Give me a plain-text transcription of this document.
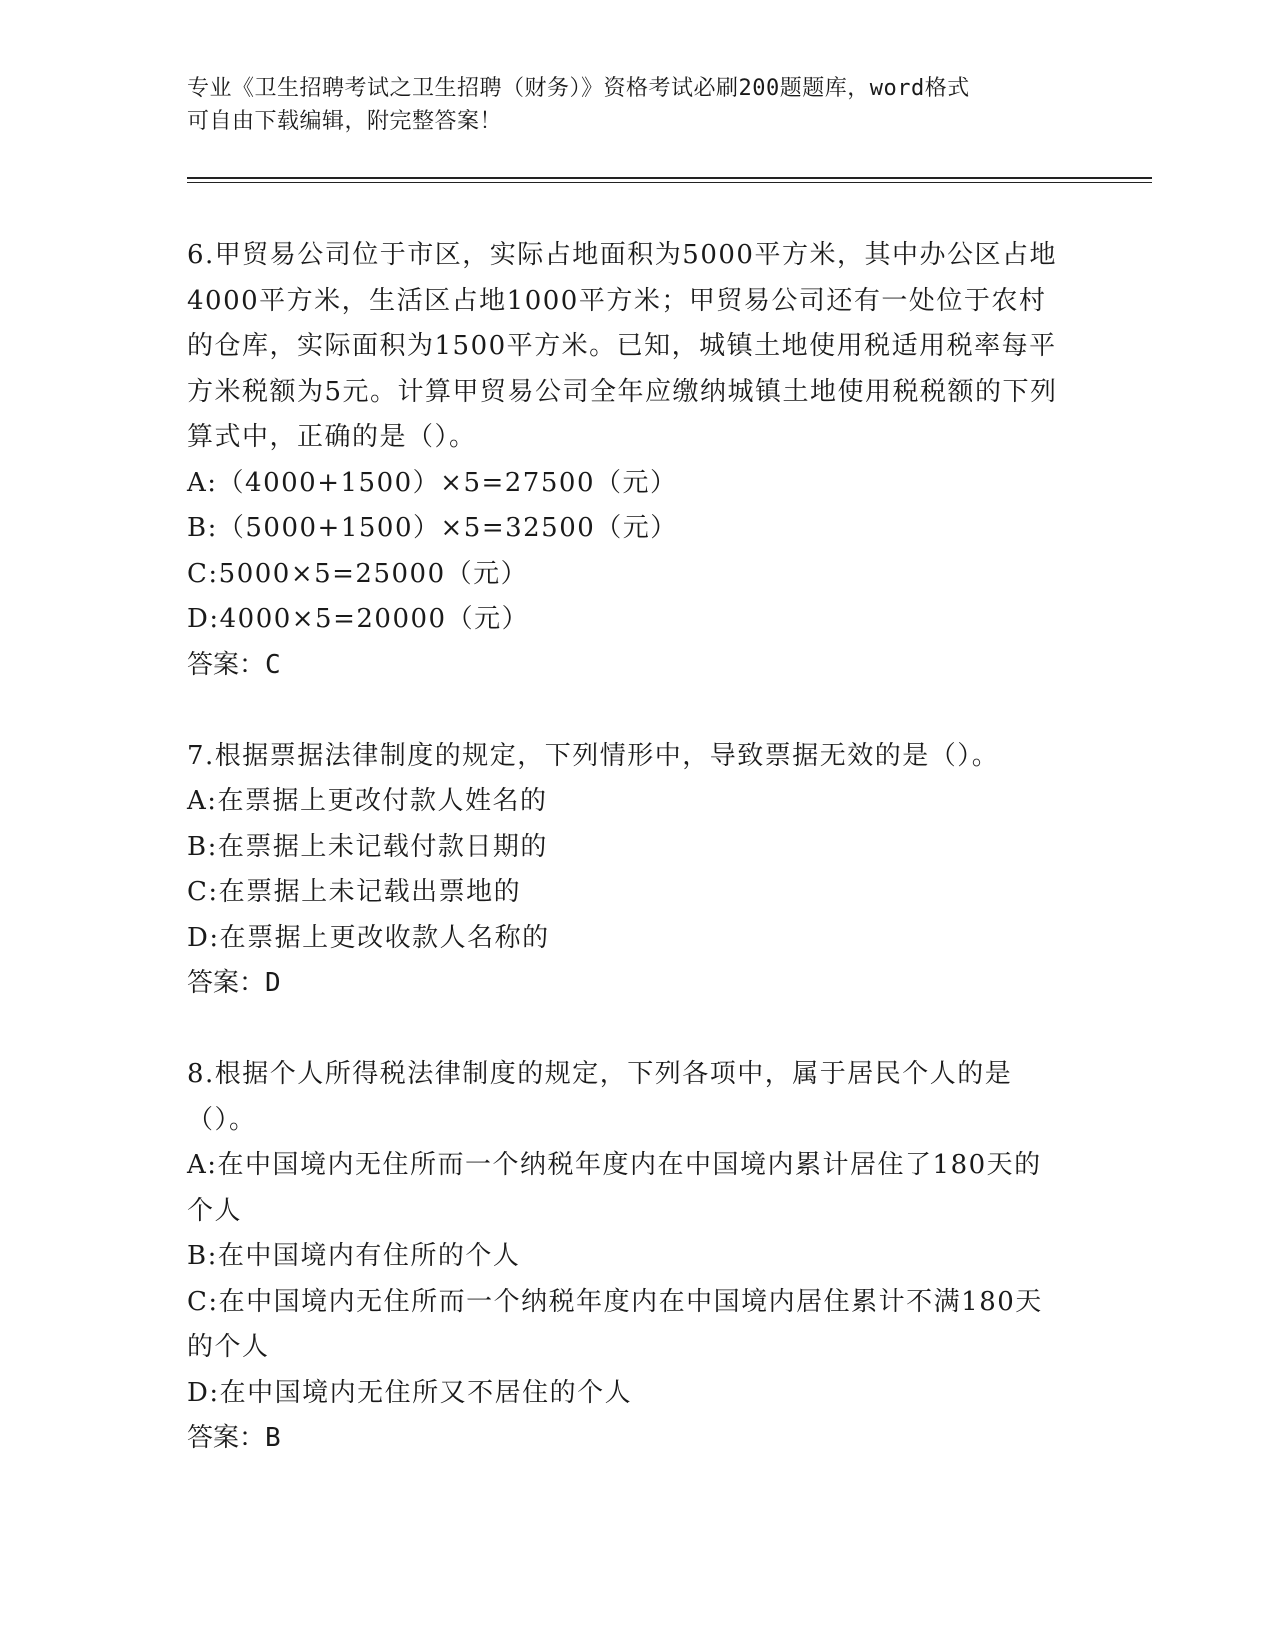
专业《卫生招聘考试之卫生招聘（财务）》资格考试必刷200题题库，word格式
可自由下载编辑，附完整答案！
6.甲贸易公司位于市区，实际占地面积为5000平方米，其中办公区占地4000平方米，生活区占地1000平方米；甲贸易公司还有一处位于农村的仓库，实际面积为1500平方米。已知，城镇土地使用税适用税率每平方米税额为5元。计算甲贸易公司全年应缴纳城镇土地使用税税额的下列算式中，正确的是（）。
A:（4000+1500）×5=27500（元）
B:（5000+1500）×5=32500（元）
C:5000×5=25000（元）
D:4000×5=20000（元）
答案：C
7.根据票据法律制度的规定，下列情形中，导致票据无效的是（）。
A:在票据上更改付款人姓名的
B:在票据上未记载付款日期的
C:在票据上未记载出票地的
D:在票据上更改收款人名称的
答案：D
8.根据个人所得税法律制度的规定，下列各项中，属于居民个人的是（）。
A:在中国境内无住所而一个纳税年度内在中国境内累计居住了180天的个人
B:在中国境内有住所的个人
C:在中国境内无住所而一个纳税年度内在中国境内居住累计不满180天的个人
D:在中国境内无住所又不居住的个人
答案：B
